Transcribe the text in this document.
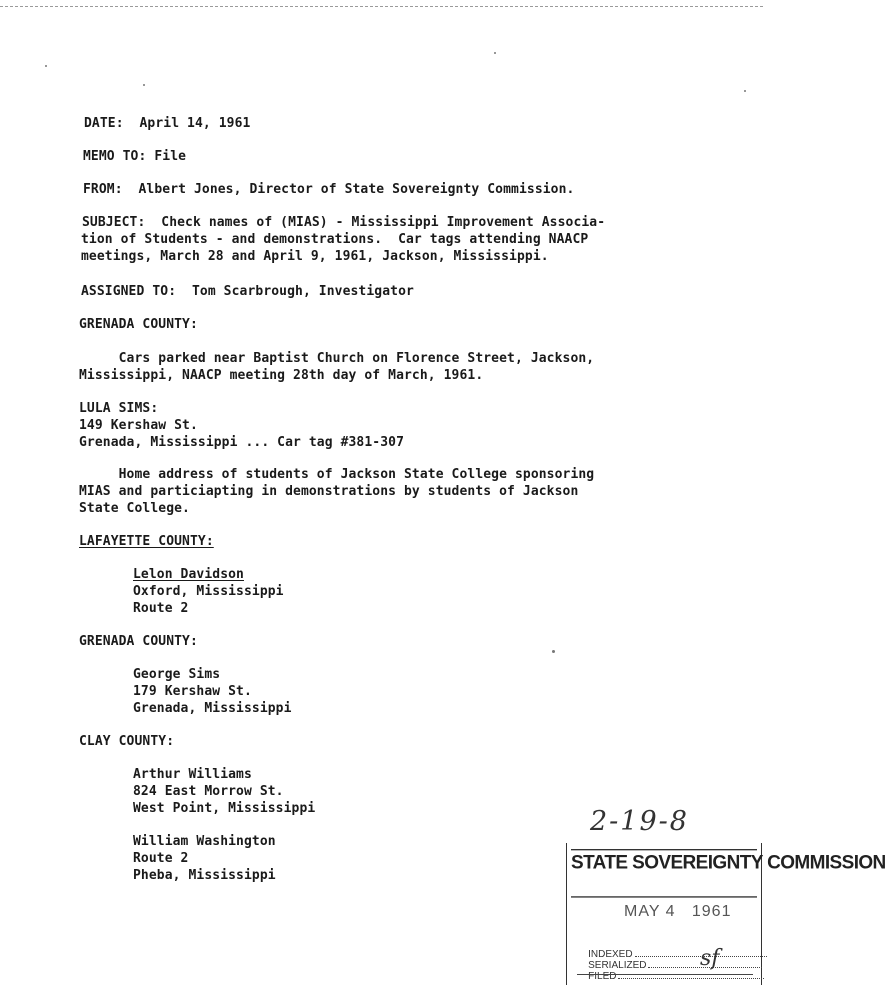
DATE:  April 14, 1961
MEMO TO: File
FROM:  Albert Jones, Director of State Sovereignty Commission.
SUBJECT:  Check names of (MIAS) - Mississippi Improvement Associa-
tion of Students - and demonstrations.  Car tags attending NAACP
meetings, March 28 and April 9, 1961, Jackson, Mississippi.
ASSIGNED TO:  Tom Scarbrough, Investigator
GRENADA COUNTY:
Cars parked near Baptist Church on Florence Street, Jackson,
Mississippi, NAACP meeting 28th day of March, 1961.
LULA SIMS:
149 Kershaw St.
Grenada, Mississippi ... Car tag #381-307
Home address of students of Jackson State College sponsoring
MIAS and particiapting in demonstrations by students of Jackson
State College.
LAFAYETTE COUNTY:
Lelon Davidson
Oxford, Mississippi
Route 2
GRENADA COUNTY:
George Sims
179 Kershaw St.
Grenada, Mississippi
CLAY COUNTY:
Arthur Williams
824 East Morrow St.
West Point, Mississippi
William Washington
Route 2
Pheba, Mississippi
2-19-8
STATE SOVEREIGNTY COMMISSION
MAY 4   1961

INDEXED

SERIALIZED

FILED

sf
